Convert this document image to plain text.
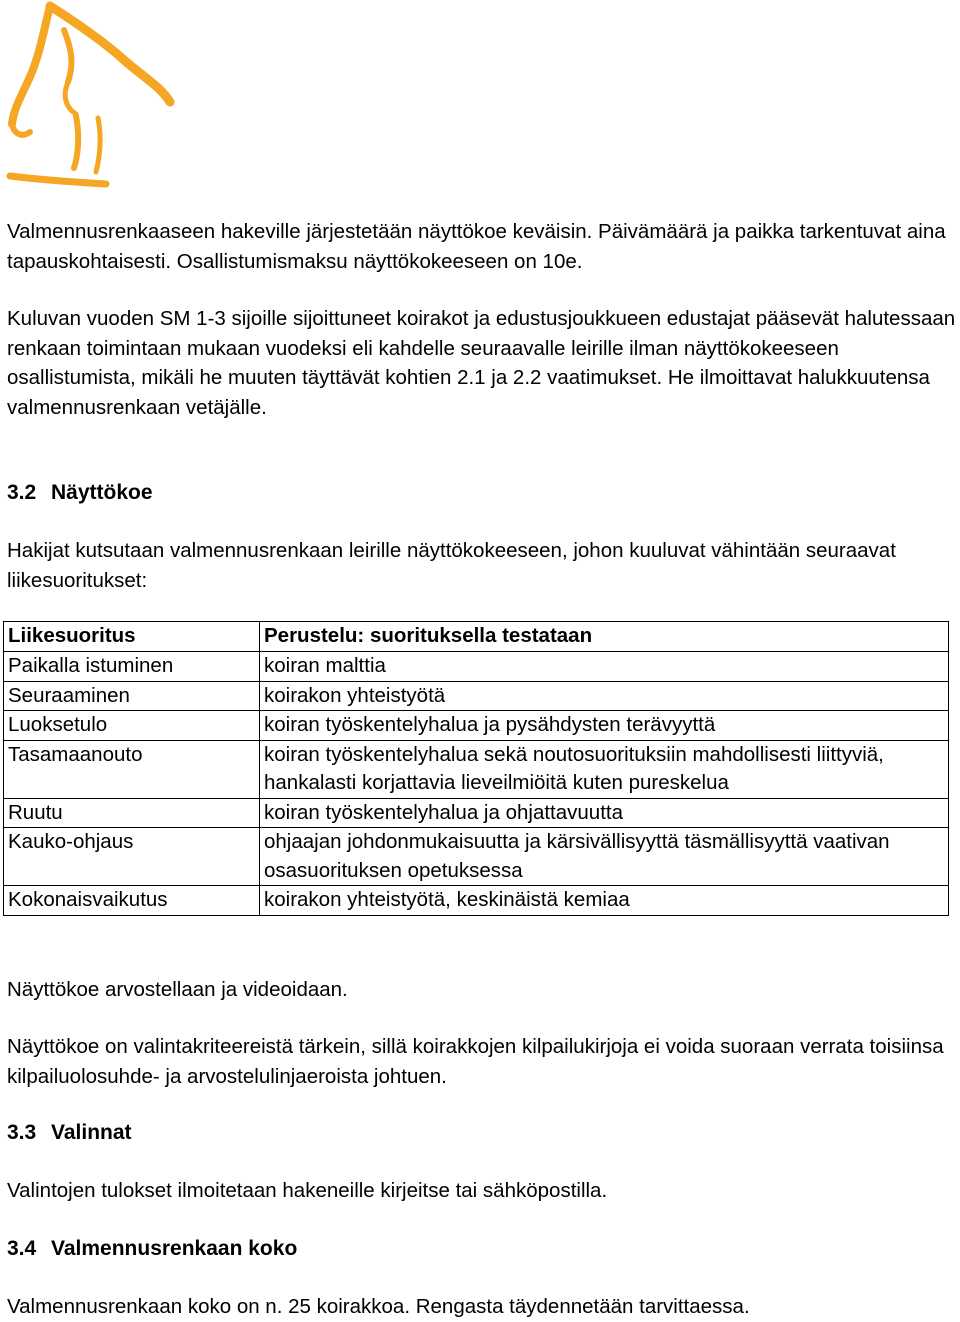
Valmennusrenkaaseen hakeville järjestetään näyttökoe keväisin. Päivämäärä ja paikka tarkentuvat aina tapauskohtaisesti. Osallistumismaksu näyttökokeeseen on 10e.

Kuluvan vuoden SM 1-3 sijoille sijoittuneet koirakot ja edustusjoukkueen edustajat pääsevät halutessaan renkaan toimintaan mukaan vuodeksi eli kahdelle seuraavalle leirille ilman näyttökokeeseen osallistumista, mikäli he muuten täyttävät kohtien 2.1 ja 2.2 vaatimukset. He ilmoittavat halukkuutensa valmennusrenkaan vetäjälle.

3.2 Näyttökoe

Hakijat kutsutaan valmennusrenkaan leirille näyttökokeeseen, johon kuuluvat vähintään seuraavat liikesuoritukset:

Liikesuoritus	Perustelu: suorituksella testataan
Paikalla istuminen	koiran malttia
Seuraaminen	koirakon yhteistyötä
Luoksetulo	koiran työskentelyhalua ja pysähdysten terävyyttä
Tasamaanouto	koiran työskentelyhalua sekä noutosuorituksiin mahdollisesti liittyviä, hankalasti korjattavia lieveilmiöitä kuten pureskelua
Ruutu	koiran työskentelyhalua ja ohjattavuutta
Kauko-ohjaus	ohjaajan johdonmukaisuutta ja kärsivällisyyttä täsmällisyyttä vaativan osasuorituksen opetuksessa
Kokonaisvaikutus	koirakon yhteistyötä, keskinäistä kemiaa

Näyttökoe arvostellaan ja videoidaan.

Näyttökoe on valintakriteereistä tärkein, sillä koirakkojen kilpailukirjoja ei voida suoraan verrata toisiinsa kilpailuolosuhde- ja arvostelulinjaeroista johtuen.

3.3 Valinnat

Valintojen tulokset ilmoitetaan hakeneille kirjeitse tai sähköpostilla.

3.4 Valmennusrenkaan koko

Valmennusrenkaan koko on n. 25 koirakkoa. Rengasta täydennetään tarvittaessa.
